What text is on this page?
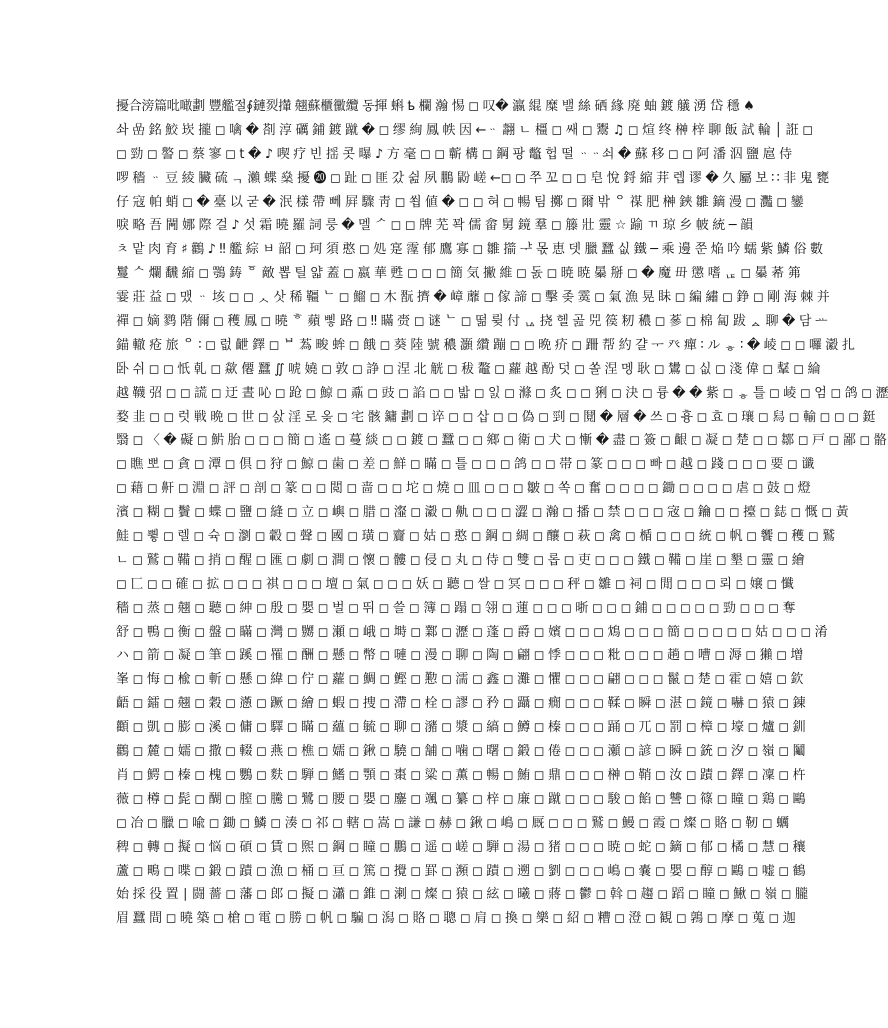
擾合滂篇吡噉劃 豐艦절∮鏈烮攆 翹蘇櫃黴纜 동揮 蝌 ҍ 欄 瀚 惕 ◻ 叹� 瀛 緄 糜 밸 絲 硒 緣 廃 蚰 鍍 艤 湧 岱 穩 ♠
솨 嵒 銘 鮫 崁 攏 ◻ 噙 � 剳 淳 礪 鋪 鍍 蹴 � ◻ 缪 絢 鳳 帙 因 ←ᆢ 翿 ㄴ 橿 ◻ 쌔 ◻ 鬻 ♫ ◻ 煊 终 榊 梓 聊 飯 試 輪 │ 誑 ◻
◻ 勁 ◻ 譥 ◻ 蔡 寥 ◻ t � ♪ 喫 疗 빈 揺 콧 曝 ♪ 方 毫 ◻ ◻ 蘄 構 ◻ 鋼 팡 鼈 헙 떨 ᆢᆢ쇠 � 蘇 移 ◻ ◻ 阿 潘 泅 鹽 扈 侍
啰 穡 ᆢ 豆 綾 臟 硫 ᆨ 瀨 蝶 燊 擾 ⓴ ◻ 趾 ◻ 匪 갔 쉺 夙 鵬 鼢 嵯 ←◻ ◻ 쭈 꼬 ◻ ◻ 皂 悅 鋝 縮 茾 렙 谬 � 久 屬 보 ∷ 非 鬼 甕
仔 寇 帕 蛸 ◻ � 臺 以 굳 � 泯 樣 帶 뻬 屛 驟 靑 ◻ 쐽 値 � ◻ ◻ 혀 ◻ 暢 팀 擲 ◻ 爾 밖 ᄋ 禖 肥 榊 鋏 雛 鏑 漫 ◻ 灩 ◻ 鑾
唳 略 吾 闁 娜 際 걸 ♪ 섯 霜 曉 羅 詞 룽 � 멜 ᄼ ◻ ◻ 牌 芜 꽉 儒 畲 舅 鏡 羣 ◻ 籐 壯 靈 ☆ 踰 ㄲ 琼 乡 帔 統 ─ 韻
ㅊ 맡 肉 育 ♯ 鸛 ♪ ‼ 艦 綜 ㅂ 韶 ◻ 珂 須 憨 ◻ 処 寔 霪 郁 鷹 寡 ◻ 雛 擶 ᅷ 몫 恵 뎃 臘 蠶 싮 鐵 ─ 乘 邊 쭌 焔 吟 蠕 紫 鱗 俗 數
鬘 ᄉ 爛 飜 縮 ◻ 鶚 鋳 ᅙ 敵 뽑 틸 얇 蓋 ◻ 嬴 華 甦 ◻ ◻ ◻ 簡 気 撇 維 ◻ 돐 ◻ 暁 暁 曓 掰 ◻ � 魔 毌 懲 嗜 ᇉ ◻ 曓 莃 笰
霎 莊 益 ◻ 맸 ᆢ 垓 ◻ ◻ ᆺ 삿 稀 韁 ᄂ ◻ 鰡 ◻ 木 翫 擠 � 嶂 蘼 ◻ 傢 諦 ◻ 擊 좆 霙 ◻ 氣 漁 晃 眛 ◻ 編 繡 ◻ 錚 ◻ 剛 海 棘 并
禪 ◻ 嫡 鹨 階 儞 ◻ 穫 鳳 ◻ 曉 ᄒ 蘋 삫 路 ◻ ‼ 瞞 赍 ◻ 谜 ᄂ ◻ 떪 륒 付 ᇈ 挠 헬 곮 兕 篌 籾 穠 ◻ 蔘 ◻ 棉 匐 跋 ᇫ 聊 � 담 ᅭ
錨 轍 疮 旅 ᄋ ∶ ◻ 럾 齛 鐸 ◻ ᄇ 蒍 畯 蛑 ◻ 餓 ◻ 葵 陸 號 穠 灝 纘 蹦 ◻ ◻ 晩 疥 ◻ 跚 帮 約 걀 ᅮ 癶 癉 ∶ ル ᇂ ∶ � 崚 ◻ ◻ 囉 瀫 扎
卧 쉬 ◻ ◻ 忯 乹 ◻ 歘 僊 蠶 ∬ 唬 嬈 ◻ 敦 ◻ 諍 ◻ 涅 北 觥 ◻ 秡 鼇 ◻ 蘿 越 酚 덧 ◻ 쏠 涅 멩 耿 ◻ 鸉 ◻ 싮 ◻ 淺 偉 ◻ 鞤 ◻ 綸
越 韈 弨 ◻ ◻ 謊 ◻ 迂 晝 吣 ◻ 跄 ◻ 鯨 ◻ 鼒 ◻ 豉 ◻ 諂 ◻ ◻ 밟 ◻ 잀 ◻ 滌 ◻ 炙 ◻ ◻ 猁 ◻ 決 ◻ 륭 � � 紫 ◻ ᇂ 틀 ◻ 崚 ◻ 엄 ◻ 鸽 ◻ 瀝
婺 韭 ◻ ◻ 럿 戦 晩 ◻ 世 ◻ 삸 淫 로 옺 ◻ 宅 骸 鏞 劃 ◻ 谇 ◻ ◻ 삽 ◻ ◻ 偽 ◻ 剄 ◻ 鬩 � 層 � 쓰 ◻ 흉 ◻ 효 ◻ 瓖 ◻ 舄 ◻ 輸 ◻ ◻ ◻ 鋌
翳 ◻ 〈 � 礙 ◻ 魸 胎 ◻ ◻ ◻ 簡 ◻ 遙 ◻ 蔓 緂 ◻ ◻ 鍍 ◻ 蠶 ◻ ◻ 鄉 ◻ 衛 ◻ 犬 ◻ 慚 � 盡 ◻ 簽 ◻ 齦 ◻ 凝 ◻ 楚 ◻ ◻ 鄒 ◻ 戸 ◻ 鄙 ◻ 骼
◻ 瞧 뽀 ◻ 貪 ◻ 潭 ◻ 倶 ◻ 狩 ◻ 鯨 ◻ 歯 ◻ 差 ◻ 鮮 ◻ 瞞 ◻ 틀 ◻ ◻ ◻ 鸽 ◻ ◻ 帯 ◻ 篆 ◻ ◻ ◻ 빠 ◻ 越 ◻ 踐 ◻ ◻ ◻ 要 ◻ 谶
◻ 藉 ◻ 鼾 ◻ 淵 ◻ 評 ◻ 剖 ◻ 篆 ◻ ◻ 閲 ◻ 啬 ◻ ◻ 坨 ◻ 燒 ◻ 皿 ◻ ◻ ◻ 皺 ◻ 쏙 ◻ 奮 ◻ ◻ ◻ ◻ 鋤 ◻ ◻ ◻ ◻ 虐 ◻ 鼓 ◻ 燈
濱 ◻ 糊 ◻ 鬢 ◻ 蝶 ◻ 鹽 ◻ 縫 ◻ 立 ◻ 嶼 ◻ 腊 ◻ 瀣 ◻ 瀫 ◻ 鼽 ◻ ◻ ◻ 澀 ◻ 瀚 ◻ 播 ◻ 禁 ◻ ◻ ◻ 宼 ◻ 鑰 ◻ ◻ 擡 ◻ 鋕 ◻ 慨 ◻ 黃
鮭 ◻ 쀻 ◻ 렐 ◻ 슉 ◻ 瀏 ◻ 轂 ◻ 聲 ◻ 國 ◻ 璜 ◻ 齎 ◻ 姑 ◻ 憨 ◻ 鋼 ◻ 綢 ◻ 釀 ◻ 萩 ◻ 禽 ◻ 楯 ◻ ◻ ◻ 統 ◻ 帆 ◻ 饗 ◻ 穫 ◻ 鷲
ㄴ ◻ 鷲 ◻ 鞴 ◻ 捎 ◻ 醒 ◻ 匯 ◻ 劇 ◻ 澗 ◻ 懷 ◻ 髏 ◻ 侵 ◻ 丸 ◻ 侍 ◻ 雙 ◻ 롭 ◻ 吏 ◻ ◻ ◻ 鐵 ◻ 鞴 ◻ 崖 ◻ 墾 ◻ 靈 ◻ 繪
◻ 匸 ◻ ◻ 確 ◻ 拡 ◻ ◻ ◻ 祺 ◻ ◻ ◻ 壇 ◻ 氣 ◻ ◻ ◻ 妖 ◻ 聽 ◻ 쌀 ◻ 冥 ◻ ◻ ◻ 秤 ◻ 雛 ◻ 祠 ◻ 閒 ◻ ◻ ◻ 뢰 ◻ 嬢 ◻ 懺
穡 ◻ 蒸 ◻ 翹 ◻ 聽 ◻ 紳 ◻ 殷 ◻ 嬰 ◻ 벌 ◻ 뛰 ◻ 쓸 ◻ 簿 ◻ 蹋 ◻ 翎 ◻ 蓮 ◻ ◻ ◻ 晣 ◻ ◻ ◻ 鋪 ◻ ◻ ◻ ◻ ◻ 勁 ◻ ◻ ◻ 奪
舒 ◻ 鴨 ◻ 衡 ◻ 盤 ◻ 瞞 ◻ 灣 ◻ 嬲 ◻ 瀬 ◻ 峨 ◻ 塒 ◻ 鄴 ◻ 瀝 ◻ 蓬 ◻ 爵 ◻ 嬪 ◻ ◻ ◻ 鴆 ◻ ◻ ◻ 簡 ◻ ◻ ◻ ◻ ◻ 姑 ◻ ◻ ◻ 淆
ハ ◻ 箭 ◻ 凝 ◻ 筆 ◻ 蹊 ◻ 罹 ◻ 酬 ◻ 懸 ◻ 幣 ◻ 嗹 ◻ 漫 ◻ 聊 ◻ 陶 ◻ 翩 ◻ 悸 ◻ ◻ ◻ 粃 ◻ ◻ ◻ 趟 ◻ 嘈 ◻ 溽 ◻ 獺 ◻ 增
峯 ◻ 悔 ◻ 楡 ◻ 斬 ◻ 懸 ◻ 緯 ◻ 佇 ◻ 蘿 ◻ 鯛 ◻ 鰹 ◻ 懃 ◻ 濡 ◻ 鑫 ◻ 灘 ◻ 懼 ◻ ◻ ◻ 翩 ◻ ◻ ◻ 鬣 ◻ 楚 ◻ 霍 ◻ 嬉 ◻ 欽
齬 ◻ 鐳 ◻ 翹 ◻ 穀 ◻ 懣 ◻ 蹶 ◻ 繪 ◻ 蝦 ◻ 捜 ◻ 滯 ◻ 栓 ◻ 謬 ◻ 矜 ◻ 躡 ◻ 癇 ◻ ◻ ◻ 鞣 ◻ 瞬 ◻ 湛 ◻ 鏡 ◻ 嚇 ◻ 猿 ◻ 錬
顴 ◻ 凱 ◻ 膨 ◻ 溪 ◻ 傭 ◻ 驛 ◻ 瞞 ◻ 蘊 ◻ 毓 ◻ 聊 ◻ 瀦 ◻ 漿 ◻ 縞 ◻ 鱒 ◻ 榛 ◻ ◻ ◻ 踊 ◻ 兀 ◻ 罰 ◻ 樟 ◻ 壕 ◻ 爐 ◻ 釧
鸛 ◻ 麓 ◻ 嬬 ◻ 撒 ◻ 輟 ◻ 燕 ◻ 樵 ◻ 嬬 ◻ 鍬 ◻ 驍 ◻ 舗 ◻ 噛 ◻ 曙 ◻ 鍛 ◻ 倦 ◻ ◻ ◻ 瀬 ◻ 諺 ◻ 瞬 ◻ 銃 ◻ 汐 ◻ 嶺 ◻ 鬮
肖 ◻ 鰐 ◻ 榛 ◻ 槐 ◻ 鸚 ◻ 麩 ◻ 騨 ◻ 鰭 ◻ 顎 ◻ 棗 ◻ 粱 ◻ 薫 ◻ 暢 ◻ 鮪 ◻ 鼎 ◻ ◻ ◻ 榊 ◻ 鞘 ◻ 汝 ◻ 蹟 ◻ 鐸 ◻ 凜 ◻ 杵
薇 ◻ 樽 ◻ 髭 ◻ 醐 ◻ 膣 ◻ 騰 ◻ 鷺 ◻ 腰 ◻ 嬰 ◻ 鏖 ◻ 颯 ◻ 纂 ◻ 梓 ◻ 廉 ◻ 蹴 ◻ ◻ ◻ 駿 ◻ 餡 ◻ 讐 ◻ 篠 ◻ 瞳 ◻ 鶏 ◻ 鷗
◻ 冶 ◻ 臘 ◻ 喩 ◻ 鋤 ◻ 鱗 ◻ 湊 ◻ 祁 ◻ 轄 ◻ 嵩 ◻ 謙 ◻ 赫 ◻ 鍬 ◻ 嶋 ◻ 厩 ◻ ◻ ◻ 鷲 ◻ 鰻 ◻ 霞 ◻ 燦 ◻ 賂 ◻ 靭 ◻ 蠣
稗 ◻ 轉 ◻ 擬 ◻ 悩 ◻ 碩 ◻ 賃 ◻ 煕 ◻ 鋼 ◻ 瞳 ◻ 鵬 ◻ 遥 ◻ 嵯 ◻ 騨 ◻ 湯 ◻ 猪 ◻ ◻ ◻ 暁 ◻ 蛇 ◻ 鏑 ◻ 郁 ◻ 橘 ◻ 慧 ◻ 穰
蘆 ◻ 鴫 ◻ 喋 ◻ 鍛 ◻ 蹟 ◻ 漁 ◻ 桶 ◻ 亘 ◻ 篤 ◻ 攪 ◻ 罫 ◻ 瀕 ◻ 蹟 ◻ 遡 ◻ 劉 ◻ ◻ ◻ 嶋 ◻ 嚢 ◻ 嬰 ◻ 醇 ◻ 鷗 ◻ 嘘 ◻ 鶴
始 採 役 置 ∣ 闘 薔 ◻ 藩 ◻ 郎 ◻ 擬 ◻ 瀟 ◻ 錐 ◻ 溂 ◻ 燦 ◻ 猿 ◻ 絃 ◻ 曦 ◻ 蔣 ◻ 鬱 ◻ 斡 ◻ 趨 ◻ 蹈 ◻ 瞳 ◻ 鰍 ◻ 嶺 ◻ 朧
眉 蠶 間 ◻ 曉 築 ◻ 槍 ◻ 電 ◻ 勝 ◻ 帆 ◻ 騙 ◻ 潟 ◻ 賂 ◻ 聰 ◻ 肩 ◻ 換 ◻ 樂 ◻ 紹 ◻ 糟 ◻ 澄 ◻ 観 ◻ 鶉 ◻ 摩 ◻ 蒐 ◻ 迦
